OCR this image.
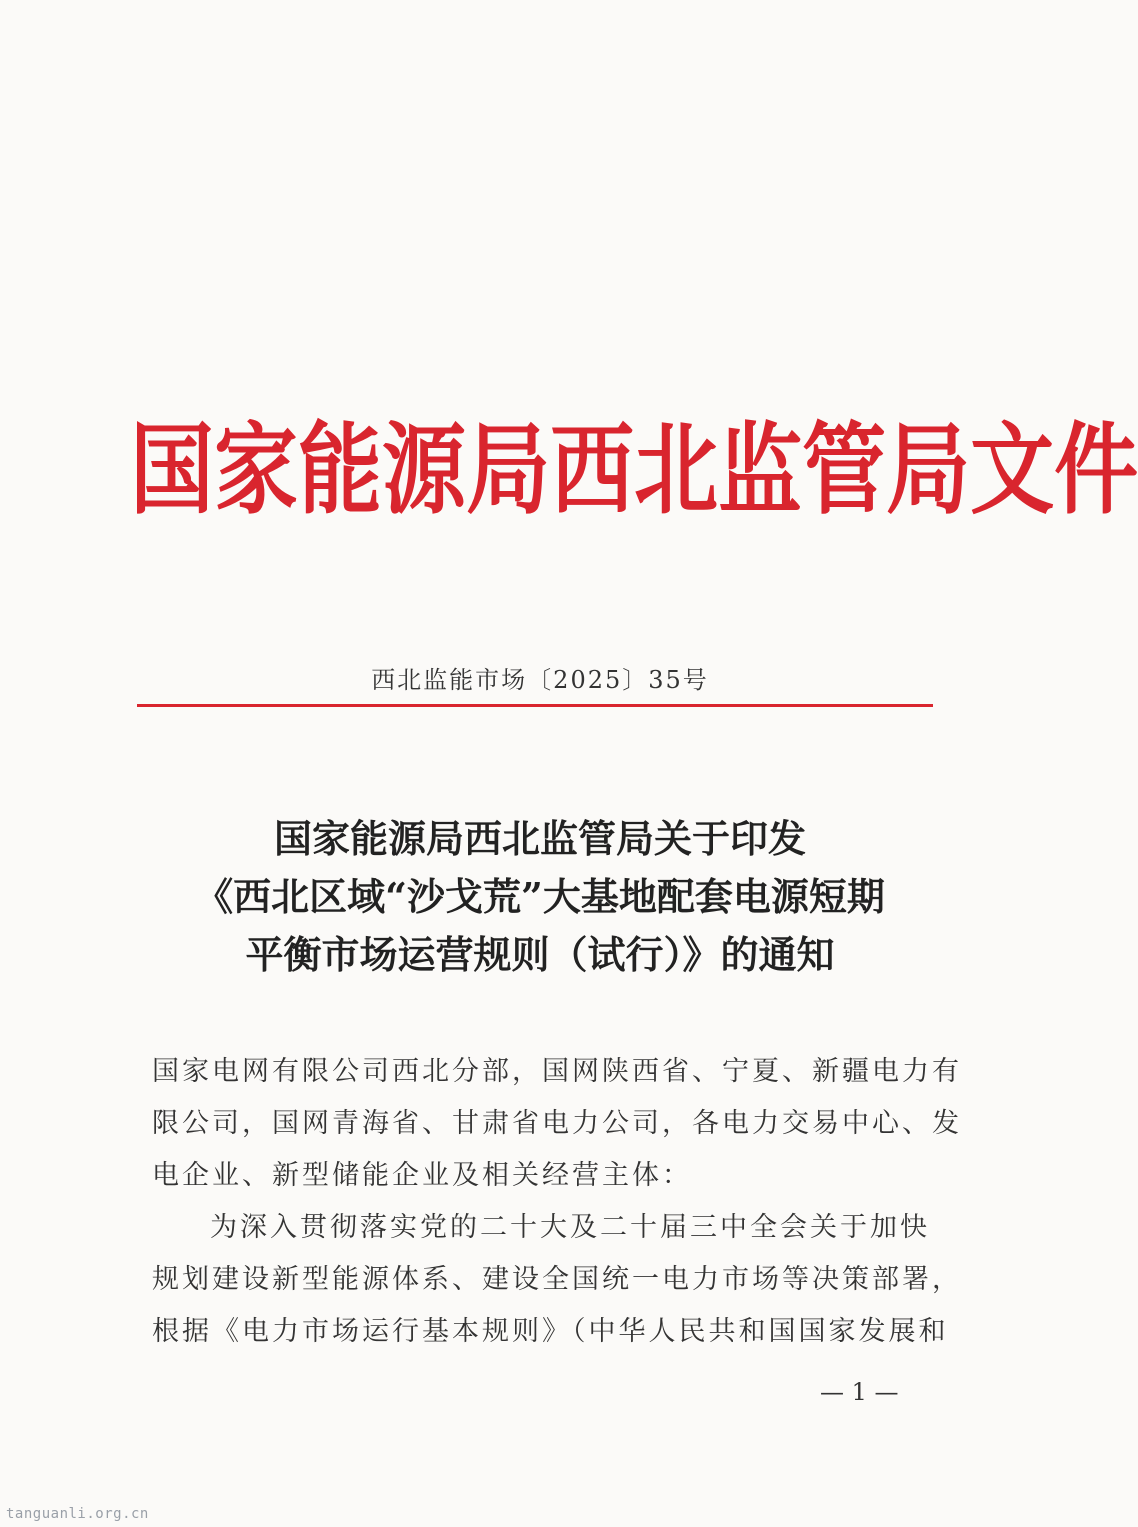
国 家 能 源 局 西 北 监 管 局 文 件
西北监能市场〔2025〕35号
国家能源局西北监管局关于印发
《西北区域“沙戈荒”大基地配套电源短期
平衡市场运营规则（试行）》的通知
国家电网有限公司西北分部，国网陕西省、宁夏、新疆电力有
限公司，国网青海省、甘肃省电力公司，各电力交易中心、发
电企业、新型储能企业及相关经营主体：
为深入贯彻落实党的二十大及二十届三中全会关于加快
规划建设新型能源体系、建设全国统一电力市场等决策部署，
根据《电力市场运行基本规则》（中华人民共和国国家发展和
— 1 —
tanguanli.org.cn
